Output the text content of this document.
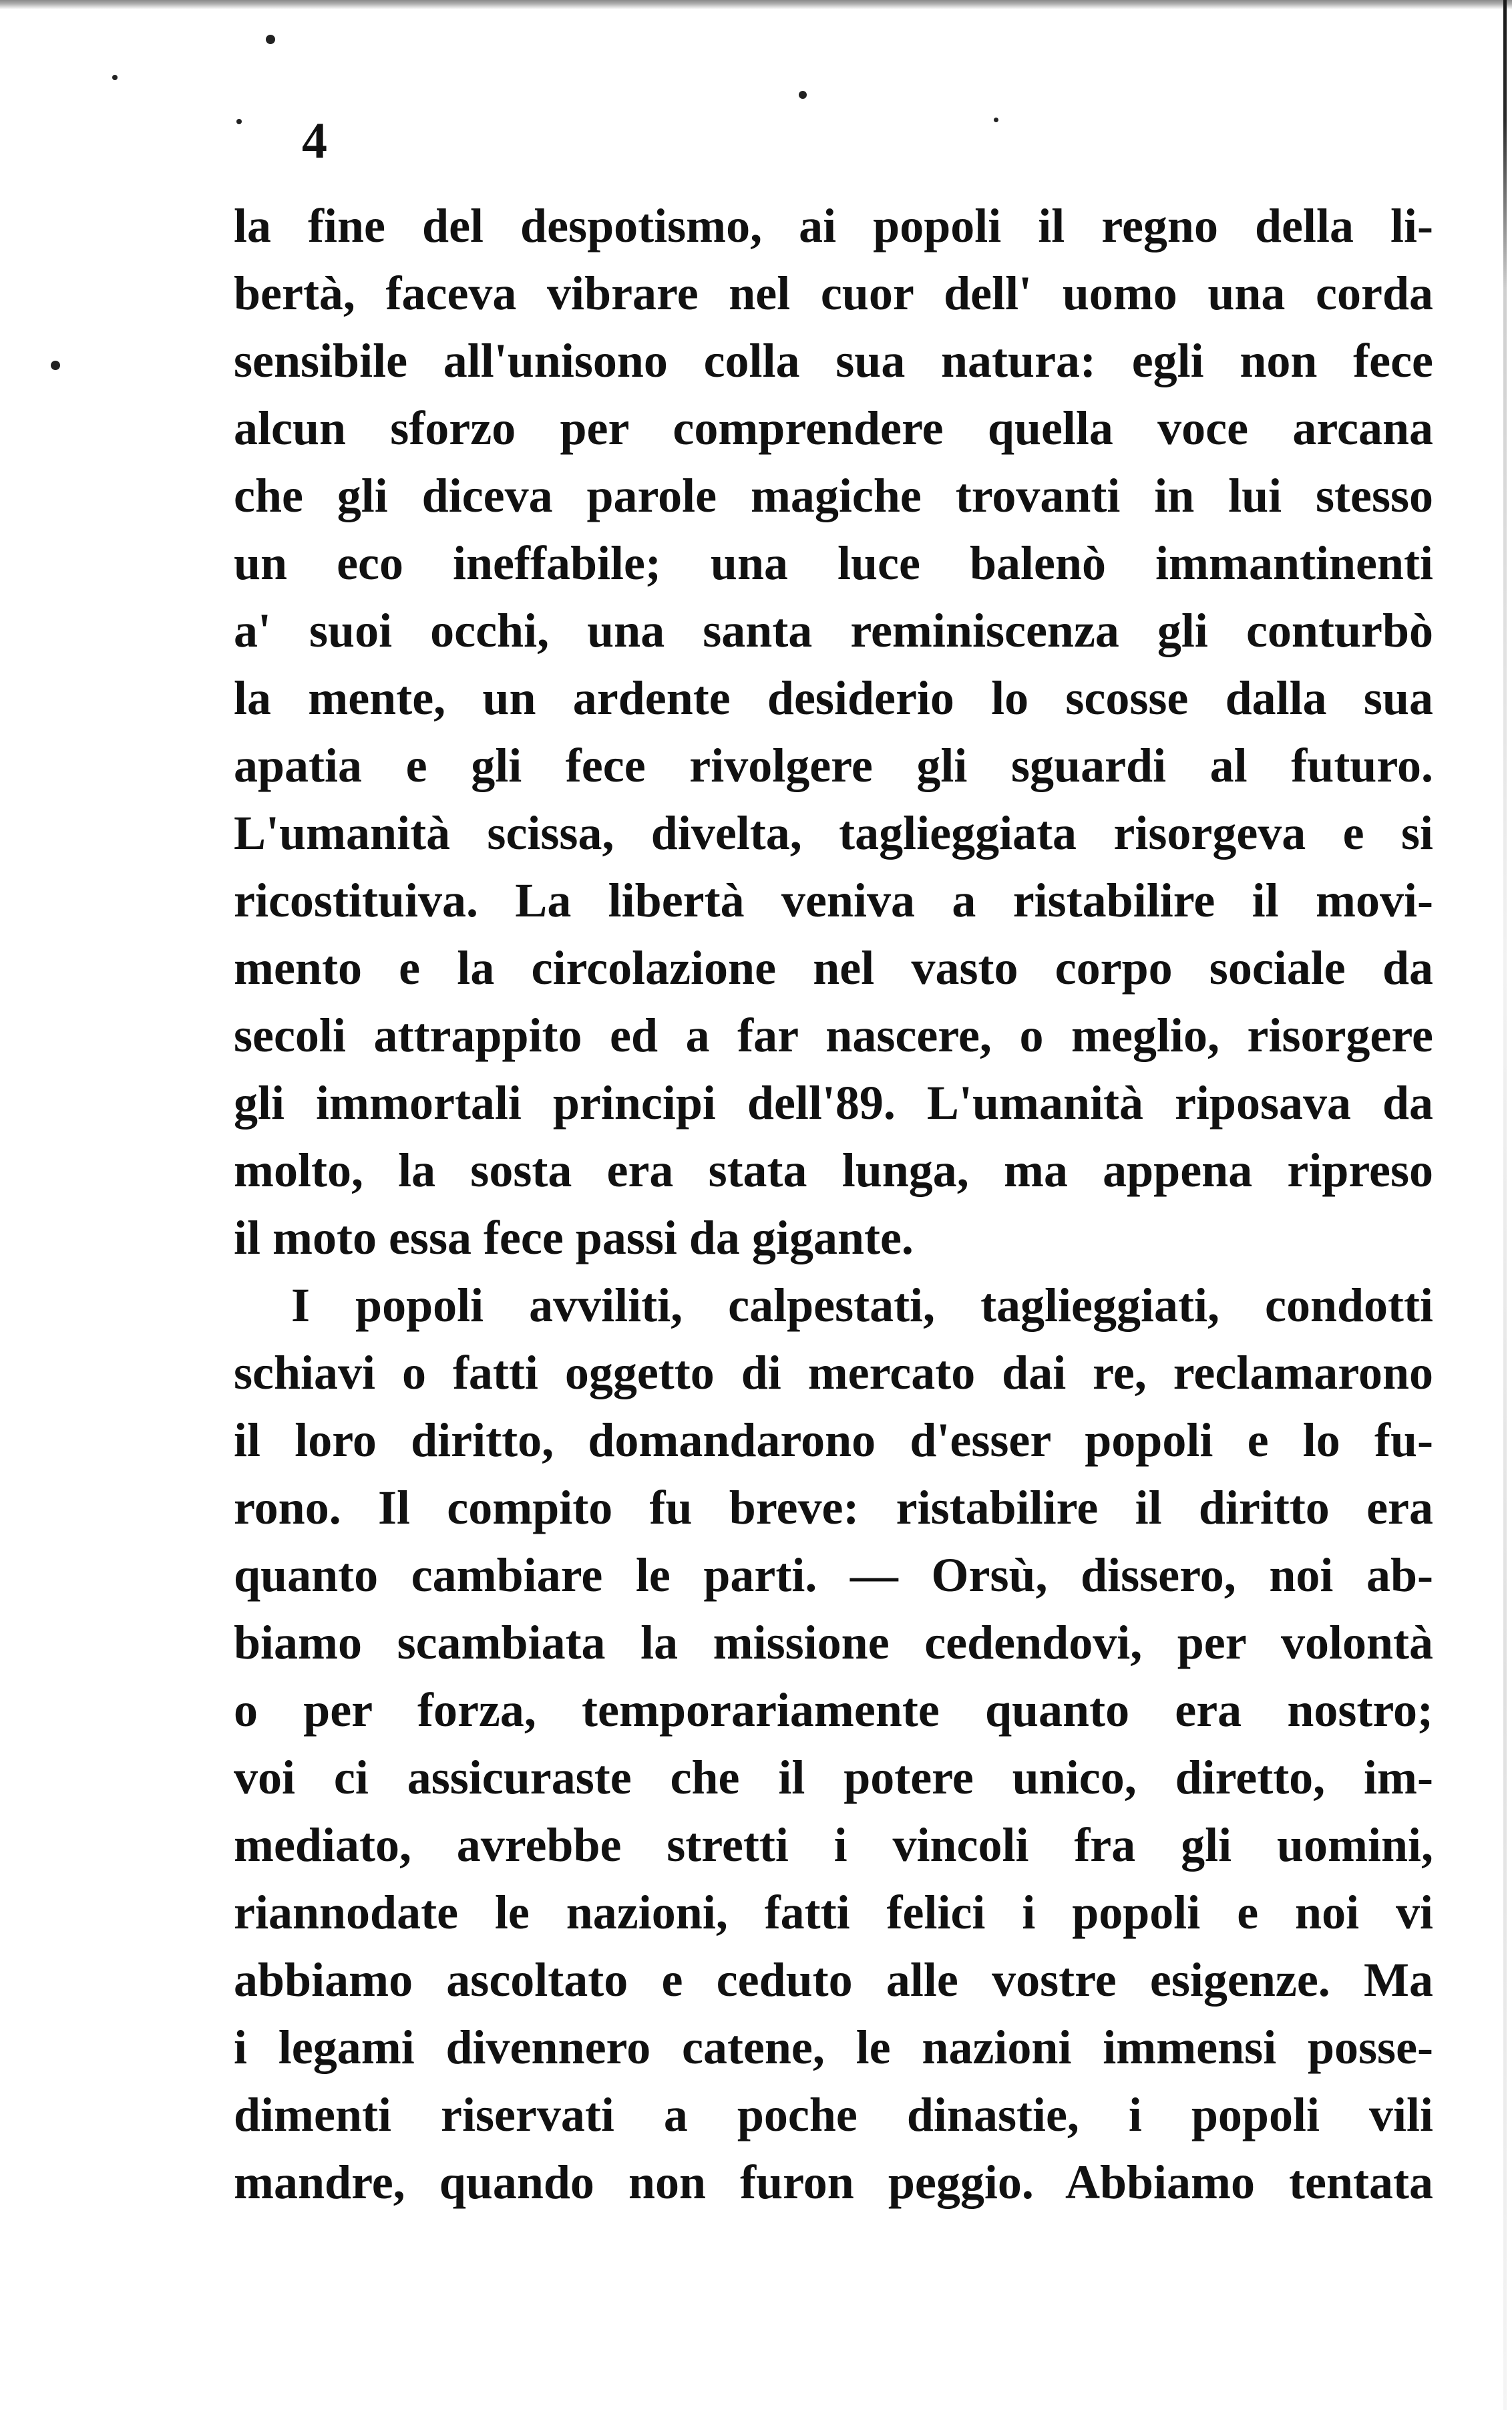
4
la fine del despotismo, ai popoli il regno della li-
bertà, faceva vibrare nel cuor dell' uomo una corda
sensibile all'unisono colla sua natura: egli non fece
alcun sforzo per comprendere quella voce arcana
che gli diceva parole magiche trovanti in lui stesso
un eco ineffabile; una luce balenò immantinenti
a' suoi occhi, una santa reminiscenza gli conturbò
la mente, un ardente desiderio lo scosse dalla sua
apatia e gli fece rivolgere gli sguardi al futuro.
L'umanità scissa, divelta, taglieggiata risorgeva e si
ricostituiva. La libertà veniva a ristabilire il movi-
mento e la circolazione nel vasto corpo sociale da
secoli attrappito ed a far nascere, o meglio, risorgere
gli immortali principi dell'89. L'umanità riposava da
molto, la sosta era stata lunga, ma appena ripreso
il moto essa fece passi da gigante.
I popoli avviliti, calpestati, taglieggiati, condotti
schiavi o fatti oggetto di mercato dai re, reclamarono
il loro diritto, domandarono d'esser popoli e lo fu-
rono. Il compito fu breve: ristabilire il diritto era
quanto cambiare le parti. — Orsù, dissero, noi ab-
biamo scambiata la missione cedendovi, per volontà
o per forza, temporariamente quanto era nostro;
voi ci assicuraste che il potere unico, diretto, im-
mediato, avrebbe stretti i vincoli fra gli uomini,
riannodate le nazioni, fatti felici i popoli e noi vi
abbiamo ascoltato e ceduto alle vostre esigenze. Ma
i legami divennero catene, le nazioni immensi posse-
dimenti riservati a poche dinastie, i popoli vili
mandre, quando non furon peggio. Abbiamo tentata
